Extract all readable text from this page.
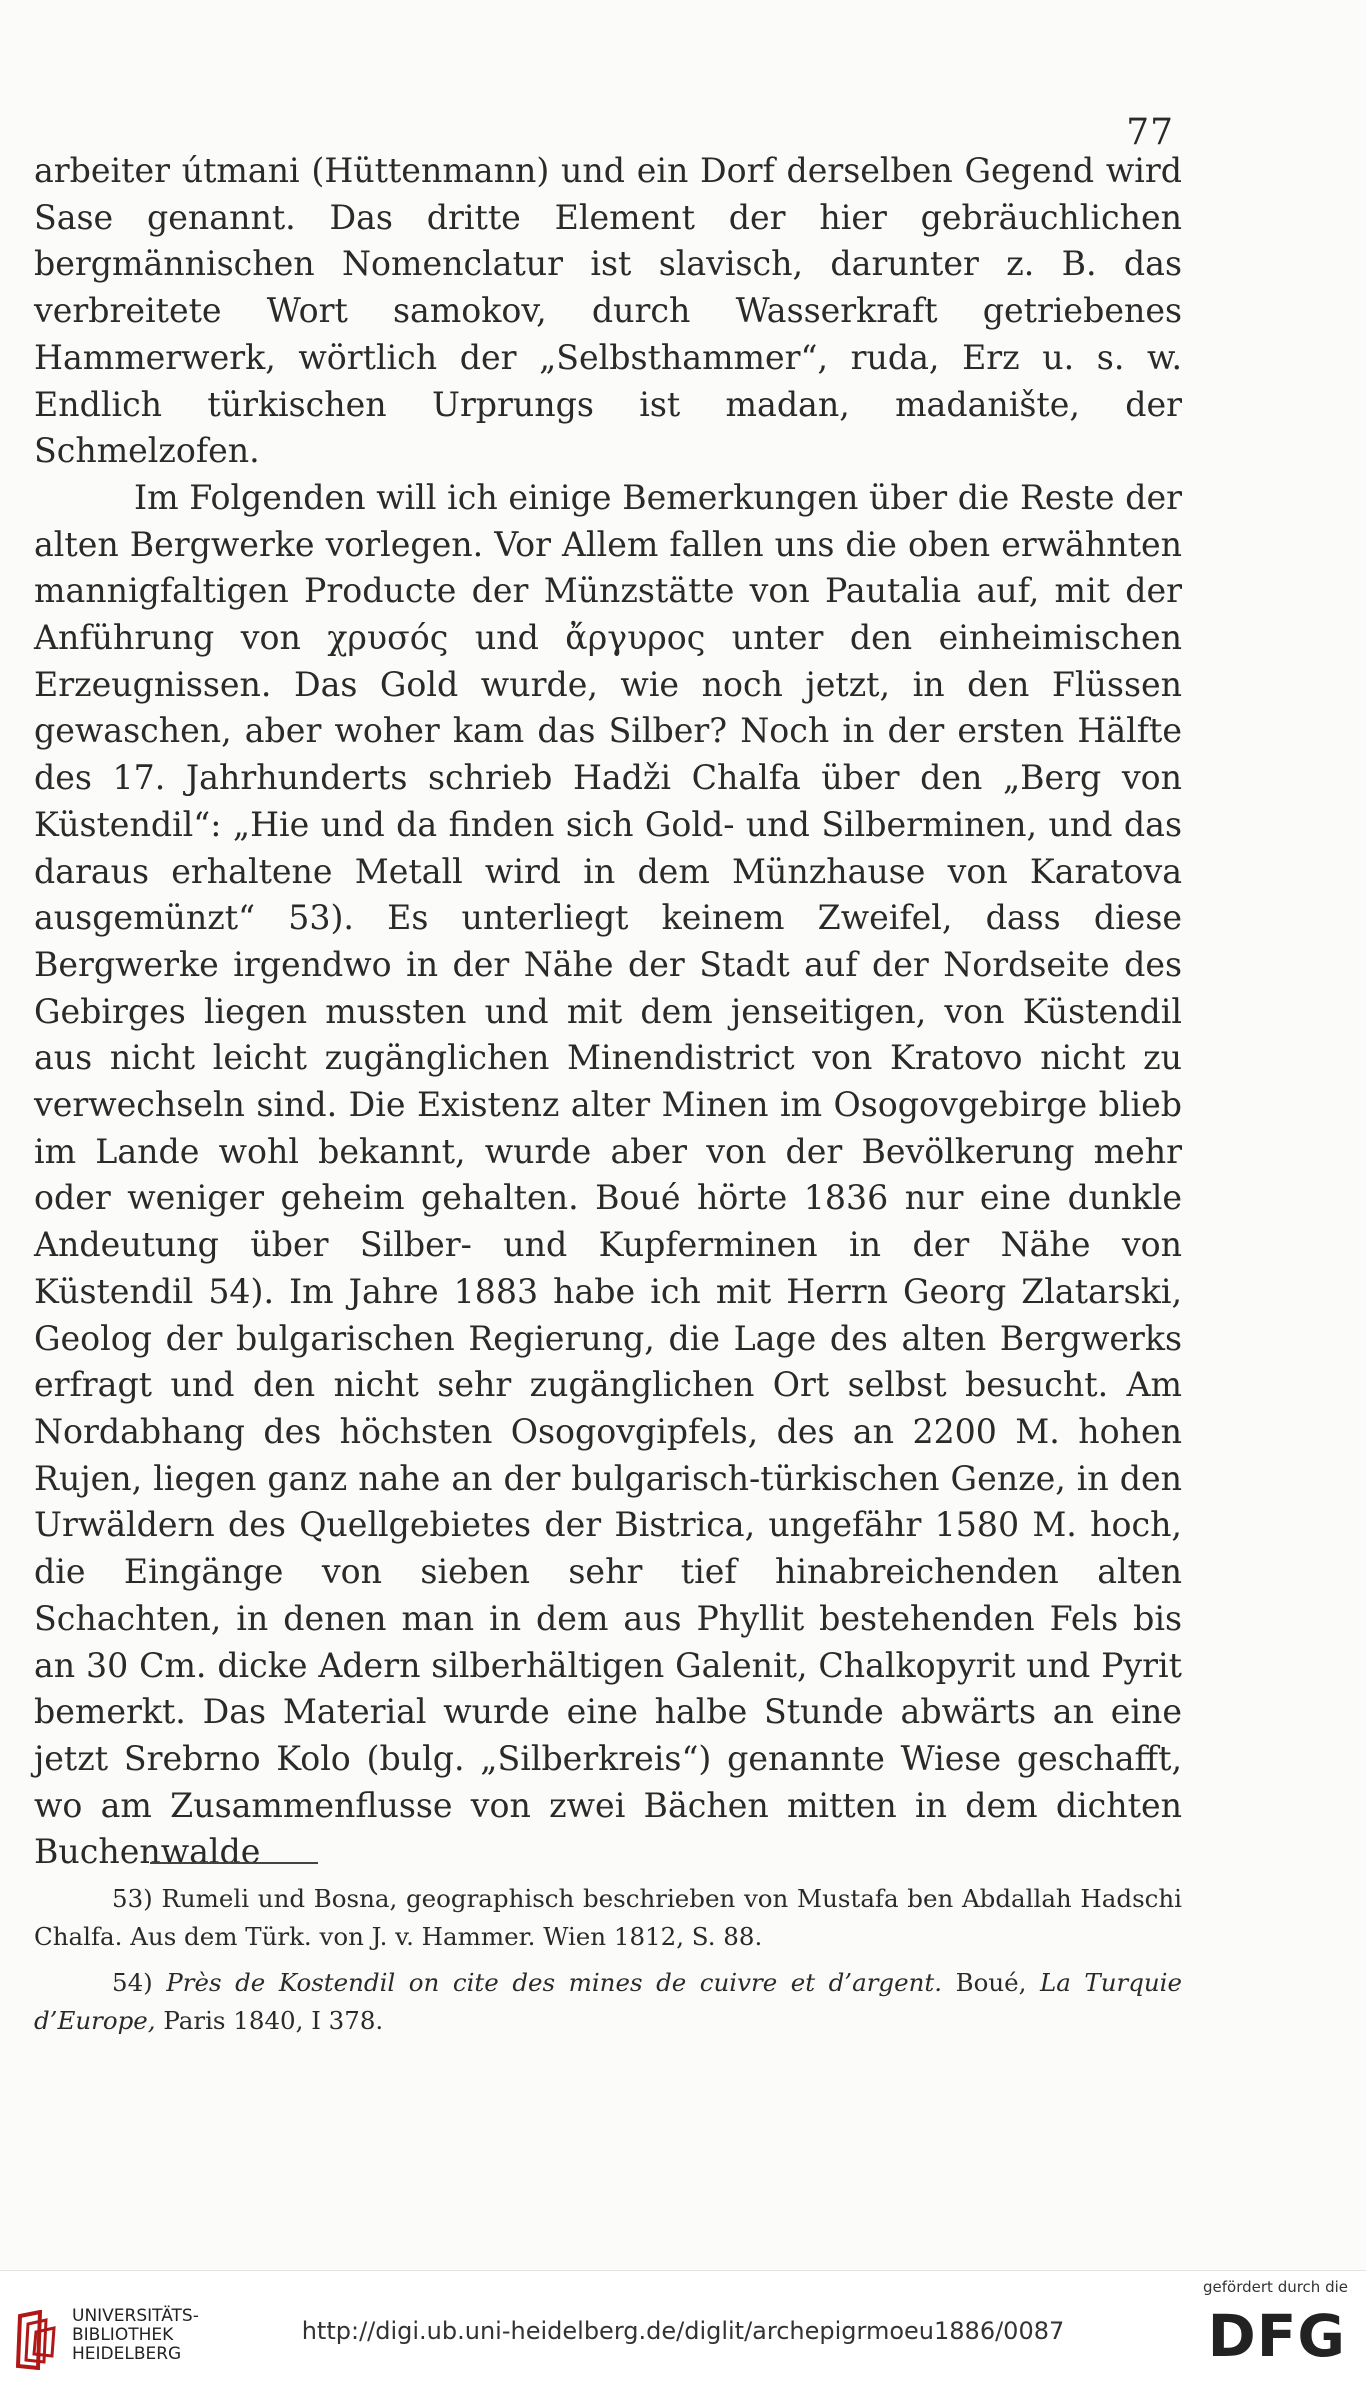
77

arbeiter útmani (Hüttenmann) und ein Dorf derselben Gegend wird Sase genannt. Das dritte Element der hier gebräuchlichen bergmännischen Nomenclatur ist slavisch, darunter z. B. das verbreitete Wort samokov, durch Wasserkraft getriebenes Hammerwerk, wörtlich der „Selbsthammer“, ruda, Erz u. s. w. Endlich türkischen Urprungs ist madan, madanište, der Schmelzofen.

Im Folgenden will ich einige Bemerkungen über die Reste der alten Bergwerke vorlegen. Vor Allem fallen uns die oben erwähnten mannigfaltigen Producte der Münzstätte von Pautalia auf, mit der Anführung von χρυσός und ἄργυρος unter den einheimischen Erzeugnissen. Das Gold wurde, wie noch jetzt, in den Flüssen gewaschen, aber woher kam das Silber? Noch in der ersten Hälfte des 17. Jahrhunderts schrieb Hadži Chalfa über den „Berg von Küstendil“: „Hie und da finden sich Gold- und Silberminen, und das daraus erhaltene Metall wird in dem Münzhause von Karatova ausgemünzt“ 53). Es unterliegt keinem Zweifel, dass diese Bergwerke irgendwo in der Nähe der Stadt auf der Nordseite des Gebirges liegen mussten und mit dem jenseitigen, von Küstendil aus nicht leicht zugänglichen Minendistrict von Kratovo nicht zu verwechseln sind. Die Existenz alter Minen im Osogovgebirge blieb im Lande wohl bekannt, wurde aber von der Bevölkerung mehr oder weniger geheim gehalten. Boué hörte 1836 nur eine dunkle Andeutung über Silber- und Kupferminen in der Nähe von Küstendil 54). Im Jahre 1883 habe ich mit Herrn Georg Zlatarski, Geolog der bulgarischen Regierung, die Lage des alten Bergwerks erfragt und den nicht sehr zugänglichen Ort selbst besucht. Am Nordabhang des höchsten Osogovgipfels, des an 2200 M. hohen Rujen, liegen ganz nahe an der bulgarisch-türkischen Genze, in den Urwäldern des Quellgebietes der Bistrica, ungefähr 1580 M. hoch, die Eingänge von sieben sehr tief hinabreichenden alten Schachten, in denen man in dem aus Phyllit bestehenden Fels bis an 30 Cm. dicke Adern silberhältigen Galenit, Chalkopyrit und Pyrit bemerkt. Das Material wurde eine halbe Stunde abwärts an eine jetzt Srebrno Kolo (bulg. „Silberkreis“) genannte Wiese geschafft, wo am Zusammenflusse von zwei Bächen mitten in dem dichten Buchenwalde

53) Rumeli und Bosna, geographisch beschrieben von Mustafa ben Abdallah Hadschi Chalfa. Aus dem Türk. von J. v. Hammer. Wien 1812, S. 88.

54) Près de Kostendil on cite des mines de cuivre et d’argent. Boué, La Turquie d’Europe, Paris 1840, I 378.

UNIVERSITÄTS-
BIBLIOTHEK
HEIDELBERG
http://digi.ub.uni-heidelberg.de/diglit/archepigrmoeu1886/0087
gefördert durch die
DFG
